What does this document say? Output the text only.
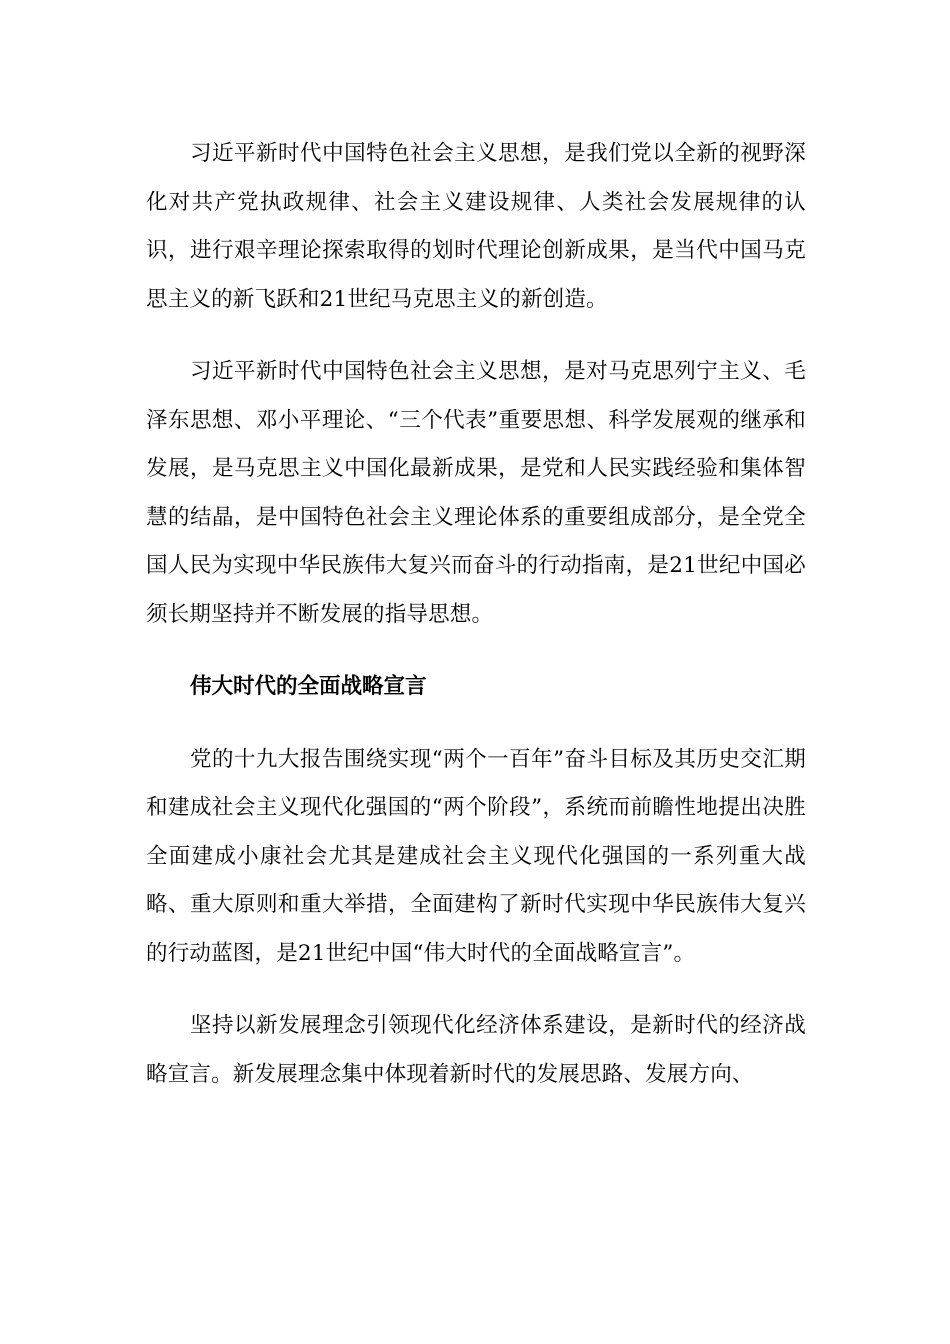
习近平新时代中国特色社会主义思想，是我们党以全新的视野深化对共产党执政规律、社会主义建设规律、人类社会发展规律的认识，进行艰辛理论探索取得的划时代理论创新成果，是当代中国马克思主义的新飞跃和21世纪马克思主义的新创造。

习近平新时代中国特色社会主义思想，是对马克思列宁主义、毛泽东思想、邓小平理论、“三个代表”重要思想、科学发展观的继承和发展，是马克思主义中国化最新成果，是党和人民实践经验和集体智慧的结晶，是中国特色社会主义理论体系的重要组成部分，是全党全国人民为实现中华民族伟大复兴而奋斗的行动指南，是21世纪中国必须长期坚持并不断发展的指导思想。

伟大时代的全面战略宣言

党的十九大报告围绕实现“两个一百年”奋斗目标及其历史交汇期和建成社会主义现代化强国的“两个阶段”，系统而前瞻性地提出决胜全面建成小康社会尤其是建成社会主义现代化强国的一系列重大战略、重大原则和重大举措，全面建构了新时代实现中华民族伟大复兴的行动蓝图，是21世纪中国“伟大时代的全面战略宣言”。

坚持以新发展理念引领现代化经济体系建设，是新时代的经济战略宣言。新发展理念集中体现着新时代的发展思路、发展方向、
